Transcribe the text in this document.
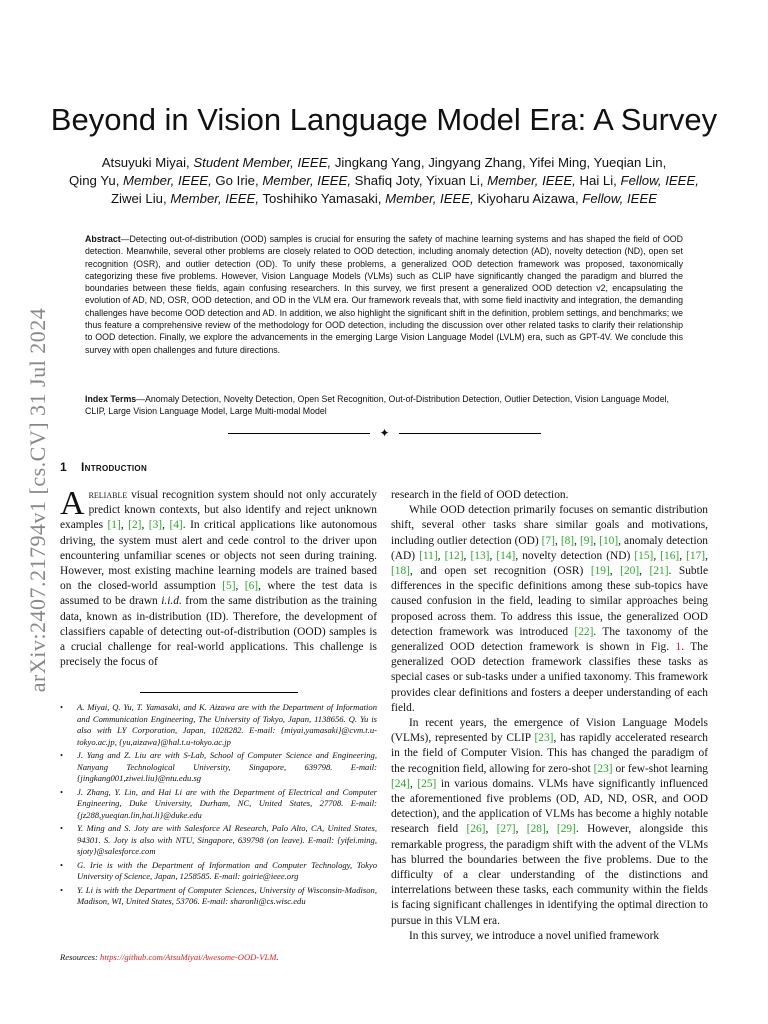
arXiv:2407.21794v1 [cs.CV] 31 Jul 2024
Beyond in Vision Language Model Era: A Survey
Atsuyuki Miyai, Student Member, IEEE, Jingkang Yang, Jingyang Zhang, Yifei Ming, Yueqian Lin,
Qing Yu, Member, IEEE, Go Irie, Member, IEEE, Shafiq Joty, Yixuan Li, Member, IEEE, Hai Li, Fellow, IEEE,
Ziwei Liu, Member, IEEE, Toshihiko Yamasaki, Member, IEEE, Kiyoharu Aizawa, Fellow, IEEE
Abstract—Detecting out-of-distribution (OOD) samples is crucial for ensuring the safety of machine learning systems and has shaped the field of OOD detection. Meanwhile, several other problems are closely related to OOD detection, including anomaly detection (AD), novelty detection (ND), open set recognition (OSR), and outlier detection (OD). To unify these problems, a generalized OOD detection framework was proposed, taxonomically categorizing these five problems. However, Vision Language Models (VLMs) such as CLIP have significantly changed the paradigm and blurred the boundaries between these fields, again confusing researchers. In this survey, we first present a generalized OOD detection v2, encapsulating the evolution of AD, ND, OSR, OOD detection, and OD in the VLM era. Our framework reveals that, with some field inactivity and integration, the demanding challenges have become OOD detection and AD. In addition, we also highlight the significant shift in the definition, problem settings, and benchmarks; we thus feature a comprehensive review of the methodology for OOD detection, including the discussion over other related tasks to clarify their relationship to OOD detection. Finally, we explore the advancements in the emerging Large Vision Language Model (LVLM) era, such as GPT-4V. We conclude this survey with open challenges and future directions.
Index Terms—Anomaly Detection, Novelty Detection, Open Set Recognition, Out-of-Distribution Detection, Outlier Detection, Vision Language Model, CLIP, Large Vision Language Model, Large Multi-modal Model
✦
1 Introduction

Areliable visual recognition system should not only accurately predict known contexts, but also identify and reject unknown examples [1], [2], [3], [4]. In critical applications like autonomous driving, the system must alert and cede control to the driver upon encountering unfamiliar scenes or objects not seen during training. However, most existing machine learning models are trained based on the closed-world assumption [5], [6], where the test data is assumed to be drawn i.i.d. from the same distribution as the training data, known as in-distribution (ID). Therefore, the development of classifiers capable of detecting out-of-distribution (OOD) samples is a crucial challenge for real-world applications. This challenge is precisely the focus of

• A. Miyai, Q. Yu, T. Yamasaki, and K. Aizawa are with the Department of Information and Communication Engineering, The University of Tokyo, Japan, 1138656. Q. Yu is also with LY Corporation, Japan, 1028282. E-mail: {miyai,yamasaki}@cvm.t.u-tokyo.ac.jp, {yu,aizawa}@hal.t.u-tokyo.ac.jp
• J. Yang and Z. Liu are with S-Lab, School of Computer Science and Engineering, Nanyang Technological University, Singapore, 639798. E-mail: {jingkang001,ziwei.liu}@ntu.edu.sg
• J. Zhang, Y. Lin, and Hai Li are with the Department of Electrical and Computer Engineering, Duke University, Durham, NC, United States, 27708. E-mail: {jz288,yueqian.lin,hai.li}@duke.edu
• Y. Ming and S. Joty are with Salesforce AI Research, Palo Alto, CA, United States, 94301. S. Joty is also with NTU, Singapore, 639798 (on leave). E-mail: {yifei.ming, sjoty}@salesforce.com
• G. Irie is with the Department of Information and Computer Technology, Tokyo University of Science, Japan, 1258585. E-mail: goirie@ieee.org
• Y. Li is with the Department of Computer Sciences, University of Wisconsin-Madison, Madison, WI, United States, 53706. E-mail: sharonli@cs.wisc.edu
Resources: https://github.com/AtsuMiyai/Awesome-OOD-VLM.

research in the field of OOD detection.

While OOD detection primarily focuses on semantic distribution shift, several other tasks share similar goals and motivations, including outlier detection (OD) [7], [8], [9], [10], anomaly detection (AD) [11], [12], [13], [14], novelty detection (ND) [15], [16], [17], [18], and open set recognition (OSR) [19], [20], [21]. Subtle differences in the specific definitions among these sub-topics have caused confusion in the field, leading to similar approaches being proposed across them. To address this issue, the generalized OOD detection framework was introduced [22]. The taxonomy of the generalized OOD detection framework is shown in Fig. 1. The generalized OOD detection framework classifies these tasks as special cases or sub-tasks under a unified taxonomy. This framework provides clear definitions and fosters a deeper understanding of each field.

In recent years, the emergence of Vision Language Models (VLMs), represented by CLIP [23], has rapidly accelerated research in the field of Computer Vision. This has changed the paradigm of the recognition field, allowing for zero-shot [23] or few-shot learning [24], [25] in various domains. VLMs have significantly influenced the aforementioned five problems (OD, AD, ND, OSR, and OOD detection), and the application of VLMs has become a highly notable research field [26], [27], [28], [29]. However, alongside this remarkable progress, the paradigm shift with the advent of the VLMs has blurred the boundaries between the five problems. Due to the difficulty of a clear understanding of the distinctions and interrelations between these tasks, each community within the fields is facing significant challenges in identifying the optimal direction to pursue in this VLM era.

In this survey, we introduce a novel unified framework
